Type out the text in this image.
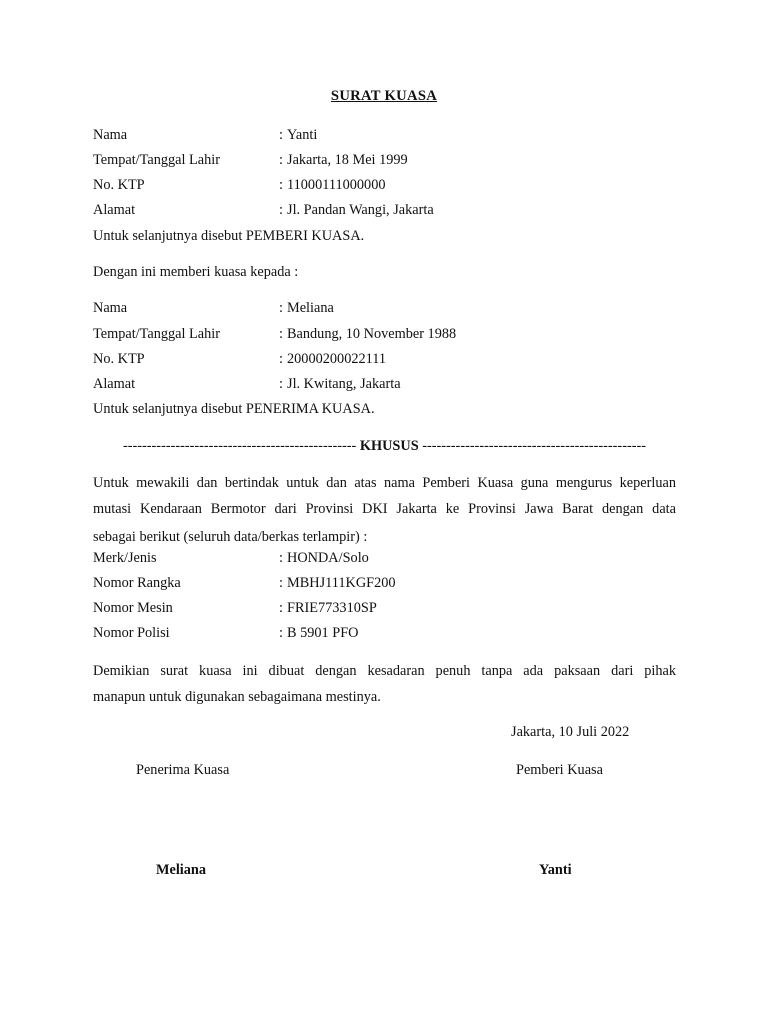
SURAT KUASA
Nama	: Yanti
Tempat/Tanggal Lahir	: Jakarta, 18 Mei 1999
No. KTP	: 11000111000000
Alamat	: Jl. Pandan Wangi, Jakarta
Untuk selanjutnya disebut PEMBERI KUASA.
Dengan ini memberi kuasa kepada :
Nama	: Meliana
Tempat/Tanggal Lahir	: Bandung, 10 November 1988
No. KTP	: 20000200022111
Alamat	: Jl. Kwitang, Jakarta
Untuk selanjutnya disebut PENERIMA KUASA.
------------------------------------------------- KHUSUS -----------------------------------------------
Untuk mewakili dan bertindak untuk dan atas nama Pemberi Kuasa guna mengurus keperluan
mutasi Kendaraan Bermotor dari Provinsi DKI Jakarta ke Provinsi Jawa Barat dengan data
sebagai berikut (seluruh data/berkas terlampir) :
Merk/Jenis	: HONDA/Solo
Nomor Rangka	: MBHJ111KGF200
Nomor Mesin	: FRIE773310SP
Nomor Polisi	: B 5901 PFO
Demikian surat kuasa ini dibuat dengan kesadaran penuh tanpa ada paksaan dari pihak
manapun untuk digunakan sebagaimana mestinya.
Jakarta, 10 Juli 2022
Penerima Kuasa	Pemberi Kuasa
Meliana	Yanti
